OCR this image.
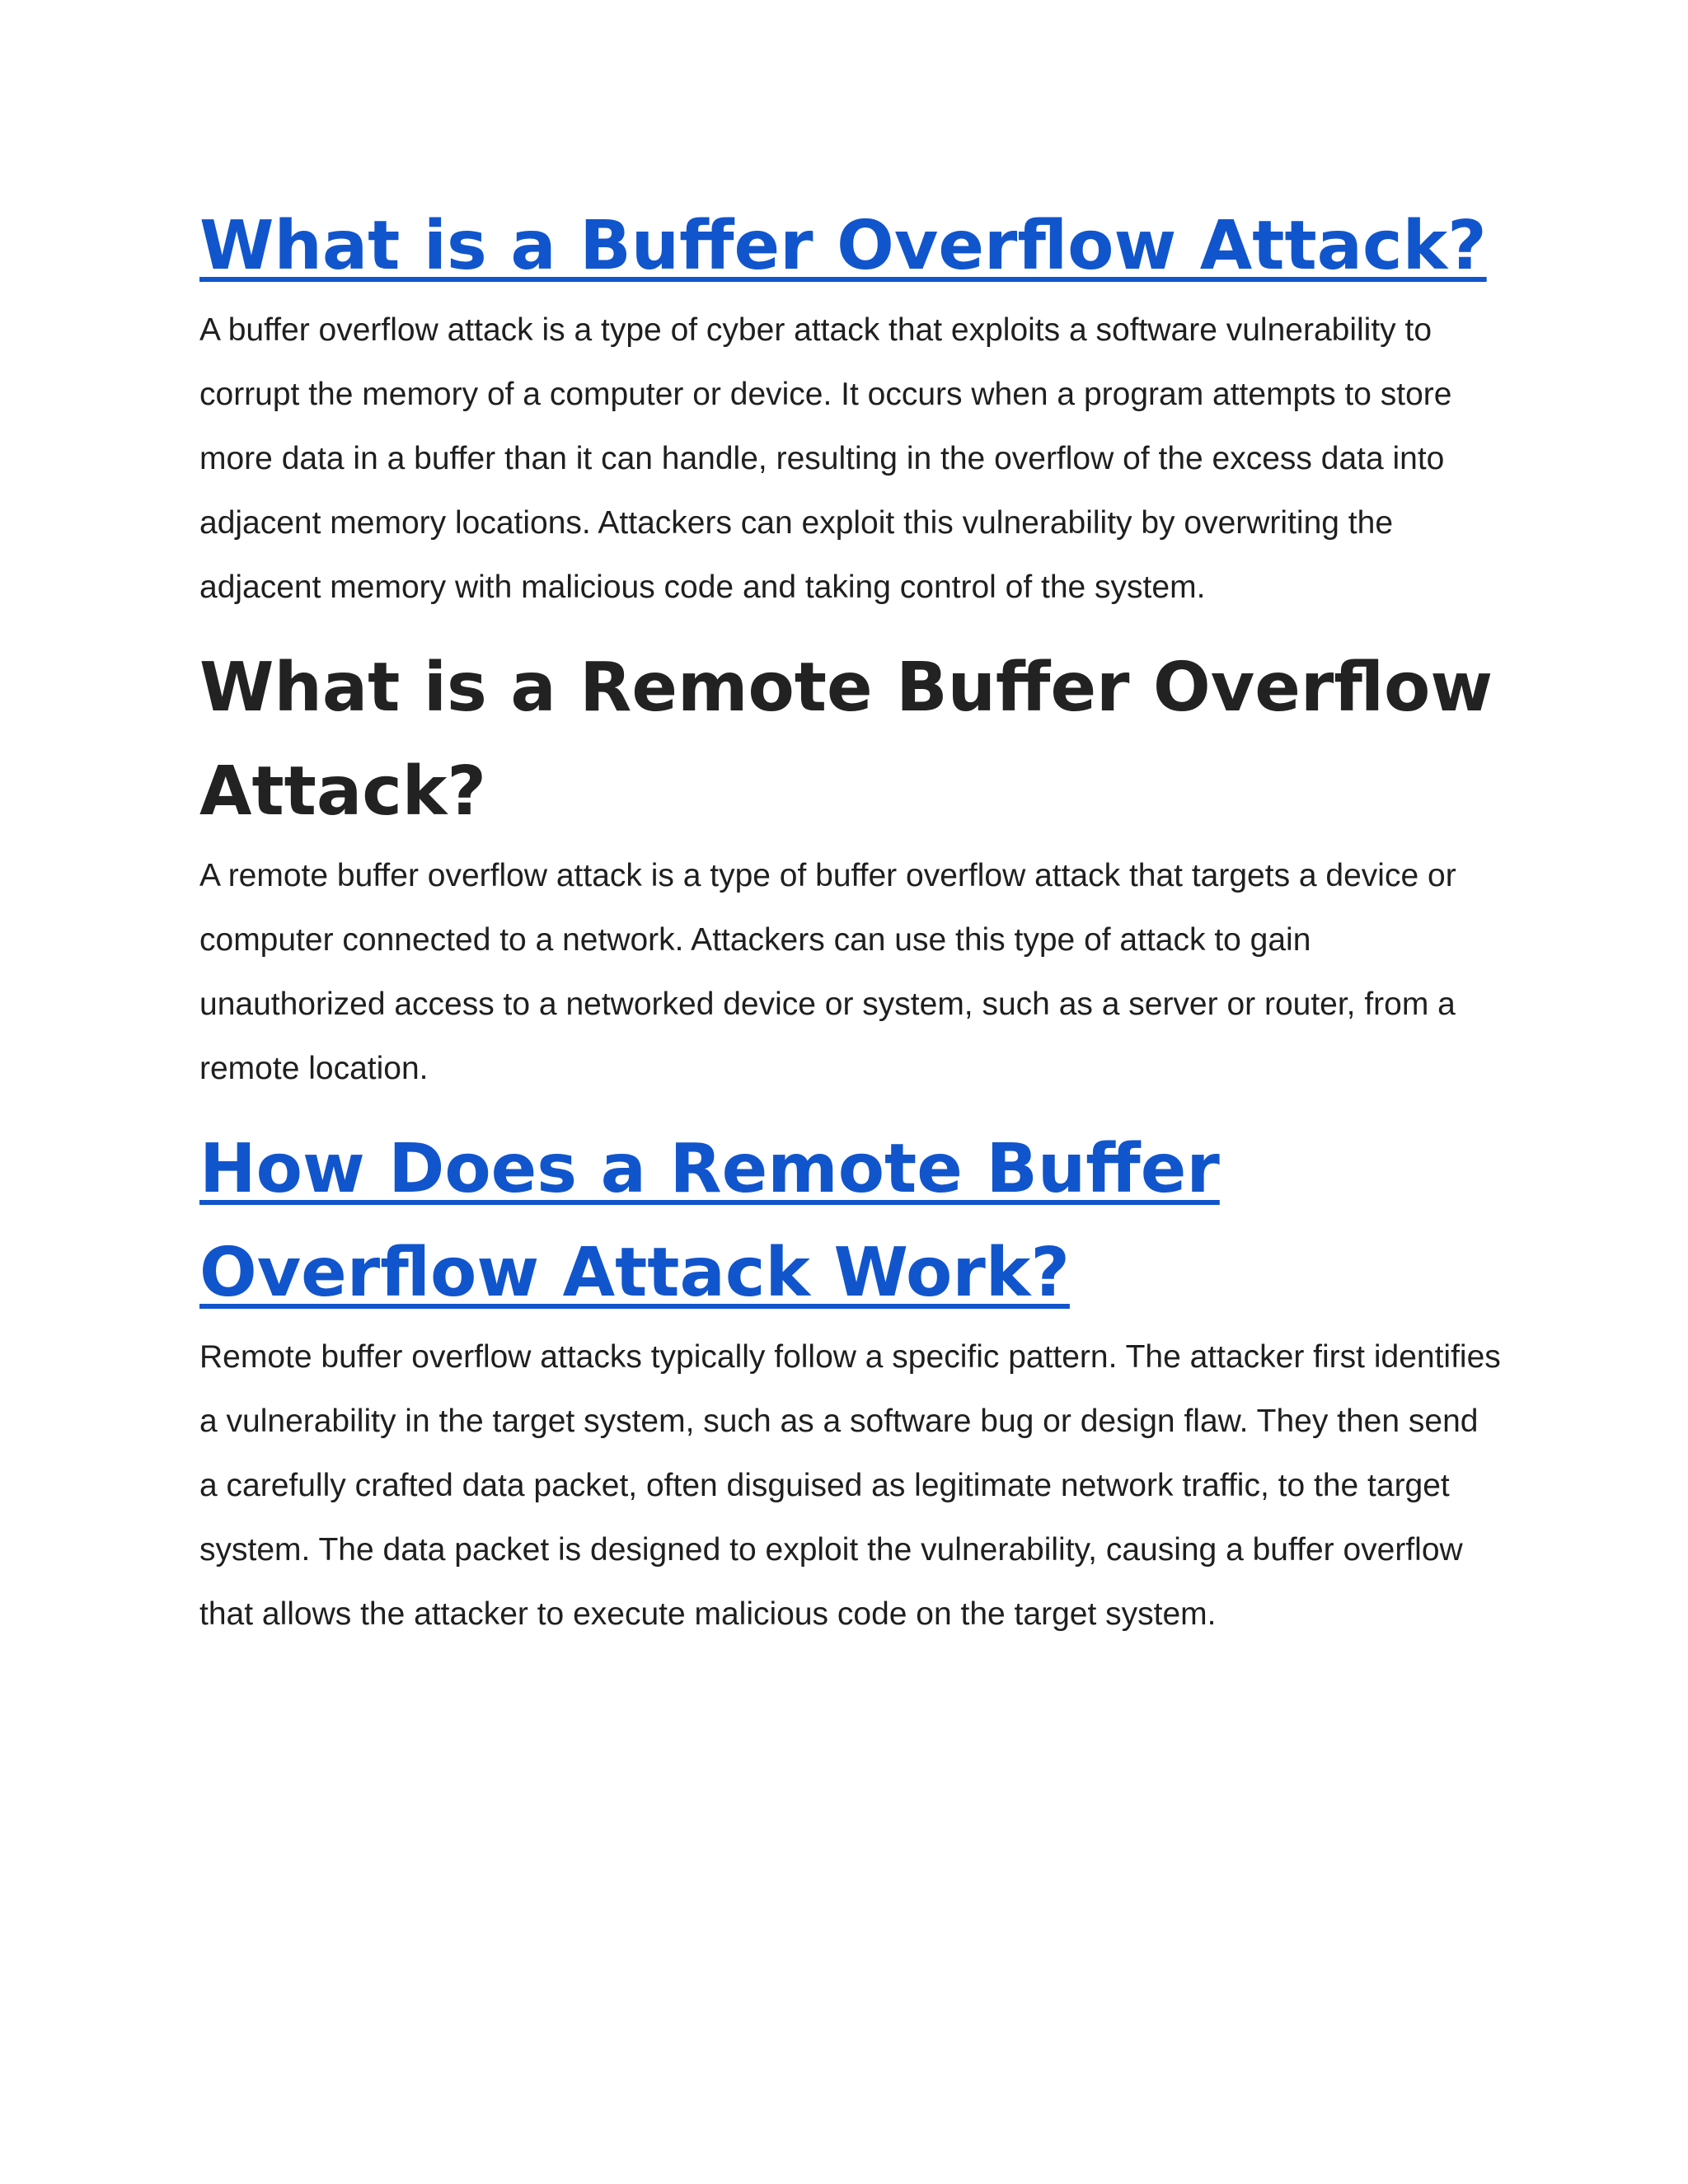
What is a Buffer Overflow Attack?

A buffer overflow attack is a type of cyber attack that exploits a software vulnerability to corrupt the memory of a computer or device. It occurs when a program attempts to store more data in a buffer than it can handle, resulting in the overflow of the excess data into adjacent memory locations. Attackers can exploit this vulnerability by overwriting the adjacent memory with malicious code and taking control of the system.

What is a Remote Buffer Overflow Attack?

A remote buffer overflow attack is a type of buffer overflow attack that targets a device or computer connected to a network. Attackers can use this type of attack to gain unauthorized access to a networked device or system, such as a server or router, from a remote location.

How Does a Remote Buffer Overflow Attack Work?

Remote buffer overflow attacks typically follow a specific pattern. The attacker first identifies a vulnerability in the target system, such as a software bug or design flaw. They then send a carefully crafted data packet, often disguised as legitimate network traffic, to the target system. The data packet is designed to exploit the vulnerability, causing a buffer overflow that allows the attacker to execute malicious code on the target system.
